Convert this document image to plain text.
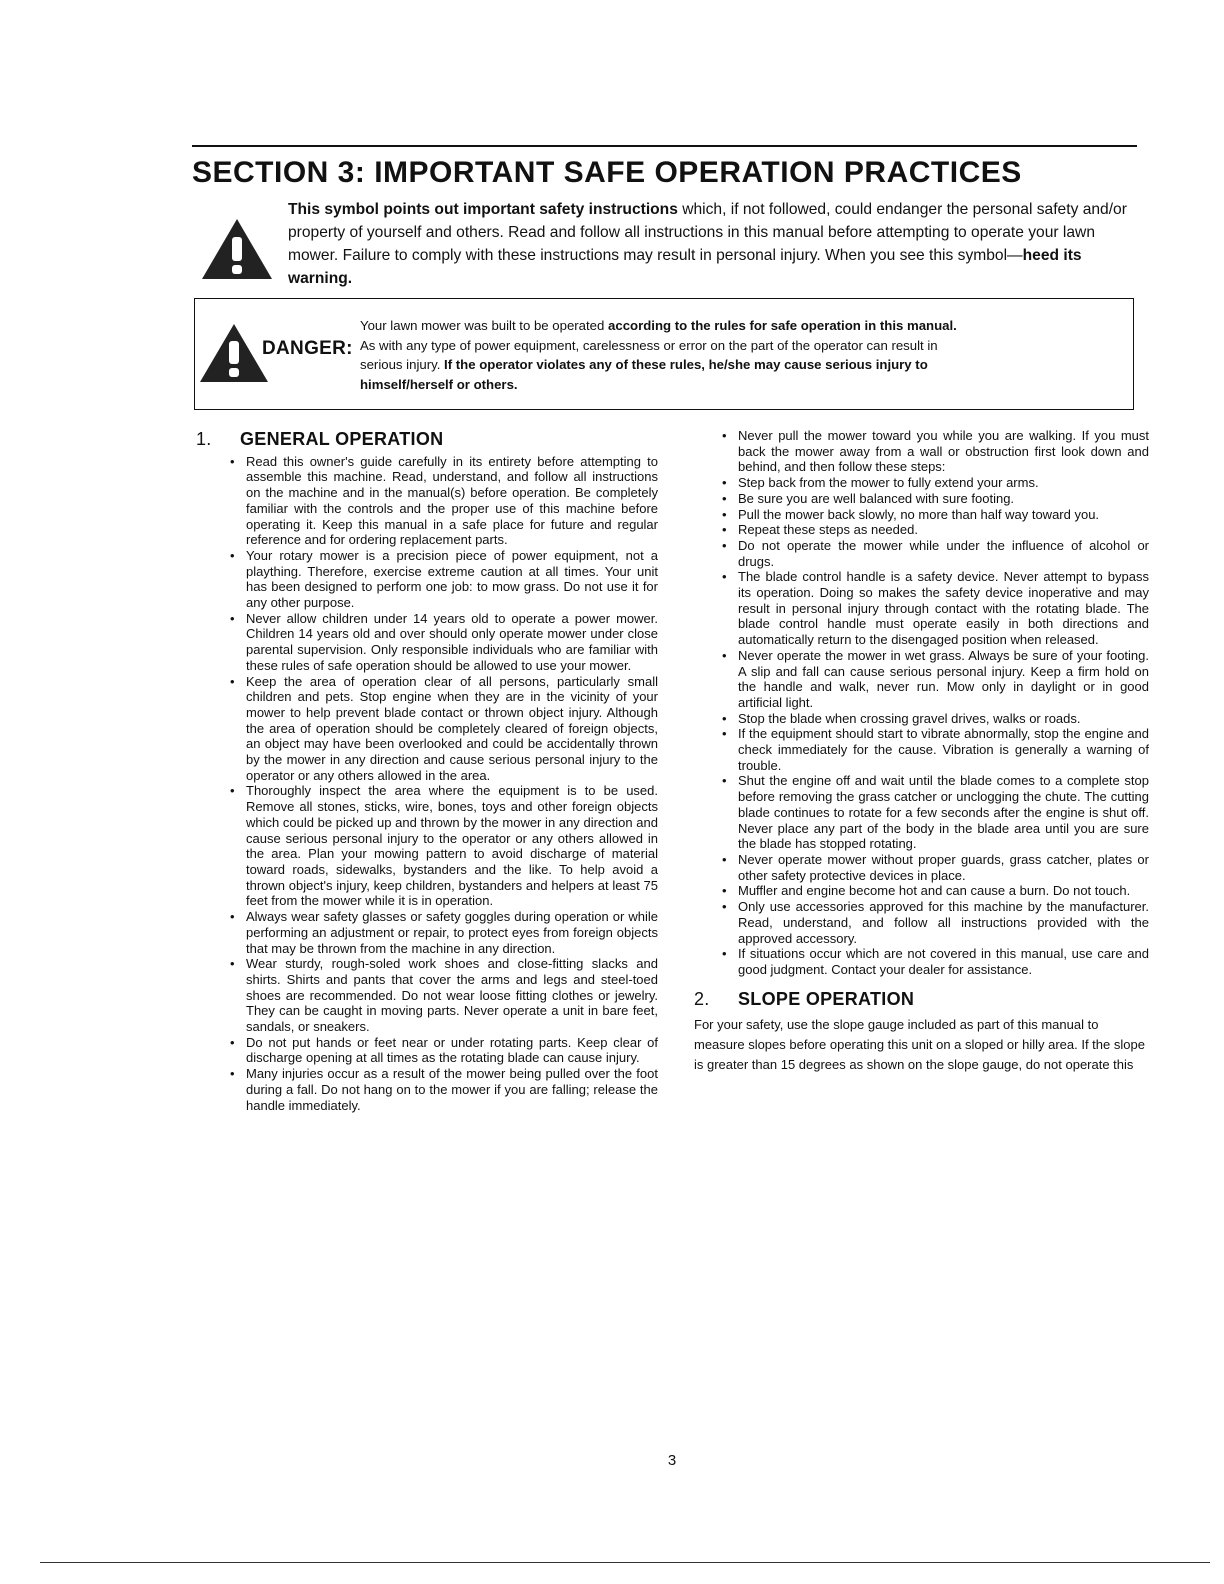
SECTION 3: IMPORTANT SAFE OPERATION PRACTICES
This symbol points out important safety instructions which, if not followed, could endanger the personal safety and/or property of yourself and others. Read and follow all instructions in this manual before attempting to operate your lawn mower. Failure to comply with these instructions may result in personal injury. When you see this symbol—heed its warning.
DANGER:
Your lawn mower was built to be operated according to the rules for safe operation in this manual.
As with any type of power equipment, carelessness or error on the part of the operator can result in
serious injury. If the operator violates any of these rules, he/she may cause serious injury to
himself/herself or others.
1.	GENERAL OPERATION
• Read this owner's guide carefully in its entirety before attempting to assemble this machine. Read, understand, and follow all instructions on the machine and in the manual(s) before operation. Be completely familiar with the controls and the proper use of this machine before operating it. Keep this manual in a safe place for future and regular reference and for ordering replacement parts.
• Your rotary mower is a precision piece of power equipment, not a plaything. Therefore, exercise extreme caution at all times. Your unit has been designed to perform one job: to mow grass. Do not use it for any other purpose.
• Never allow children under 14 years old to operate a power mower. Children 14 years old and over should only operate mower under close parental supervision. Only responsible individuals who are familiar with these rules of safe operation should be allowed to use your mower.
• Keep the area of operation clear of all persons, particularly small children and pets. Stop engine when they are in the vicinity of your mower to help prevent blade contact or thrown object injury. Although the area of operation should be completely cleared of foreign objects, an object may have been overlooked and could be accidentally thrown by the mower in any direction and cause serious personal injury to the operator or any others allowed in the area.
• Thoroughly inspect the area where the equipment is to be used. Remove all stones, sticks, wire, bones, toys and other foreign objects which could be picked up and thrown by the mower in any direction and cause serious personal injury to the operator or any others allowed in the area. Plan your mowing pattern to avoid discharge of material toward roads, sidewalks, bystanders and the like. To help avoid a thrown object's injury, keep children, bystanders and helpers at least 75 feet from the mower while it is in operation.
• Always wear safety glasses or safety goggles during operation or while performing an adjustment or repair, to protect eyes from foreign objects that may be thrown from the machine in any direction.
• Wear sturdy, rough-soled work shoes and close-fitting slacks and shirts. Shirts and pants that cover the arms and legs and steel-toed shoes are recommended. Do not wear loose fitting clothes or jewelry. They can be caught in moving parts. Never operate a unit in bare feet, sandals, or sneakers.
• Do not put hands or feet near or under rotating parts. Keep clear of discharge opening at all times as the rotating blade can cause injury.
• Many injuries occur as a result of the mower being pulled over the foot during a fall. Do not hang on to the mower if you are falling; release the handle immediately.
• Never pull the mower toward you while you are walking. If you must back the mower away from a wall or obstruction first look down and behind, and then follow these steps:
• Step back from the mower to fully extend your arms.
• Be sure you are well balanced with sure footing.
• Pull the mower back slowly, no more than half way toward you.
• Repeat these steps as needed.
• Do not operate the mower while under the influence of alcohol or drugs.
• The blade control handle is a safety device. Never attempt to bypass its operation. Doing so makes the safety device inoperative and may result in personal injury through contact with the rotating blade. The blade control handle must operate easily in both directions and automatically return to the disengaged position when released.
• Never operate the mower in wet grass. Always be sure of your footing. A slip and fall can cause serious personal injury. Keep a firm hold on the handle and walk, never run. Mow only in daylight or in good artificial light.
• Stop the blade when crossing gravel drives, walks or roads.
• If the equipment should start to vibrate abnormally, stop the engine and check immediately for the cause. Vibration is generally a warning of trouble.
• Shut the engine off and wait until the blade comes to a complete stop before removing the grass catcher or unclogging the chute. The cutting blade continues to rotate for a few seconds after the engine is shut off. Never place any part of the body in the blade area until you are sure the blade has stopped rotating.
• Never operate mower without proper guards, grass catcher, plates or other safety protective devices in place.
• Muffler and engine become hot and can cause a burn. Do not touch.
• Only use accessories approved for this machine by the manufacturer. Read, understand, and follow all instructions provided with the approved accessory.
• If situations occur which are not covered in this manual, use care and good judgment. Contact your dealer for assistance.
2.	SLOPE OPERATION

For your safety, use the slope gauge included as part of this manual to measure slopes before operating this unit on a sloped or hilly area. If the slope is greater than 15 degrees as shown on the slope gauge, do not operate this

3
